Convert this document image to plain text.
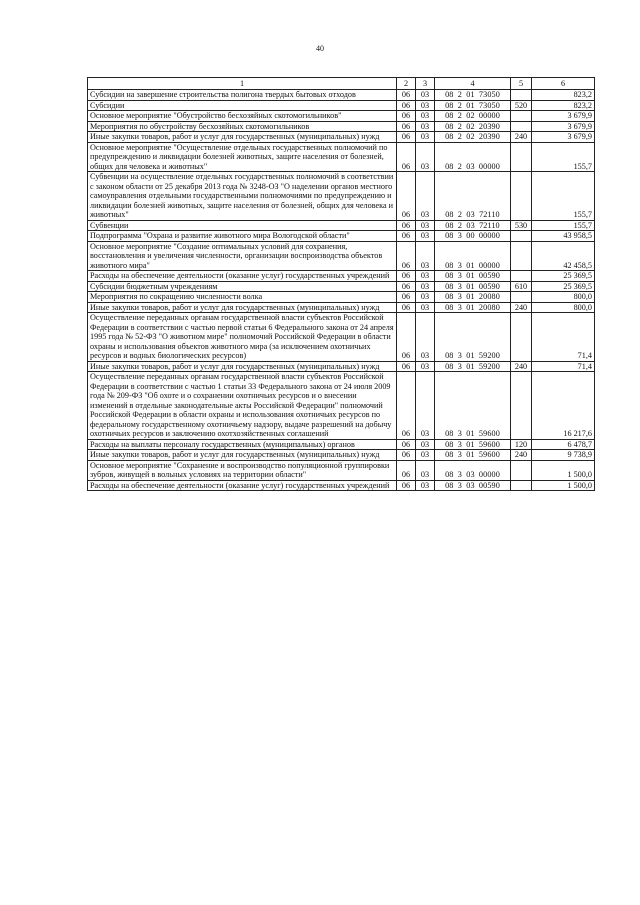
40
1	2	3	4	5	6
Субсидии на завершение строительства полигона твердых бытовых отходов	06	03	08  2  01  73050		823,2
Субсидии	06	03	08  2  01  73050	520	823,2
Основное мероприятие "Обустройство бесхозяйных скотомогильников"	06	03	08  2  02  00000		3 679,9
Мероприятия по обустройству бесхозяйных скотомогильников	06	03	08  2  02  20390		3 679,9
Иные закупки товаров, работ и услуг для государственных (муниципальных) нужд	06	03	08  2  02  20390	240	3 679,9
Основное мероприятие "Осуществление отдельных государственных полномочий по предупреждению и ликвидации болезней животных, защите населения от болезней, общих для человека и животных"	06	03	08  2  03  00000		155,7
Субвенции на осуществление отдельных государственных полномочий в соответствии с законом области от 25 декабря 2013 года № 3248-ОЗ "О наделении органов местного самоуправления отдельными государственными полномочиями по предупреждению и ликвидации болезней животных, защите населения от болезней, общих для человека и животных"	06	03	08  2  03  72110		155,7
Субвенции	06	03	08  2  03  72110	530	155,7
Подпрограмма "Охрана и развитие животного мира Вологодской области"	06	03	08  3  00  00000		43 958,5
Основное мероприятие "Создание оптимальных условий для сохранения, восстановления и увеличения численности, организации воспроизводства объектов животного мира"	06	03	08  3  01  00000		42 458,5
Расходы на обеспечение деятельности (оказание услуг) государственных учреждений	06	03	08  3  01  00590		25 369,5
Субсидии бюджетным учреждениям	06	03	08  3  01  00590	610	25 369,5
Мероприятия по сокращению численности волка	06	03	08  3  01  20080		800,0
Иные закупки товаров, работ и услуг для государственных (муниципальных) нужд	06	03	08  3  01  20080	240	800,0
Осуществление переданных органам государственной власти субъектов Российской Федерации в соответствии с частью первой статьи 6 Федерального закона от 24 апреля 1995 года № 52-ФЗ "О животном мире" полномочий Российской Федерации в области охраны и использования объектов животного мира (за исключением охотничьих ресурсов и водных биологических ресурсов)	06	03	08  3  01  59200		71,4
Иные закупки товаров, работ и услуг для государственных (муниципальных) нужд	06	03	08  3  01  59200	240	71,4
Осуществление переданных органам государственной власти субъектов Российской Федерации в соответствии с частью 1 статьи 33 Федерального закона от 24 июля 2009 года № 209-ФЗ "Об охоте и о сохранении охотничьих ресурсов и о внесении изменений в отдельные законодательные акты Российской Федерации" полномочий Российской Федерации в области охраны и использования охотничьих ресурсов по федеральному государственному охотничьему надзору, выдаче разрешений на добычу охотничьих ресурсов и заключению охотхозяйственных соглашений	06	03	08  3  01  59600		16 217,6
Расходы на выплаты персоналу государственных (муниципальных) органов	06	03	08  3  01  59600	120	6 478,7
Иные закупки товаров, работ и услуг для государственных (муниципальных) нужд	06	03	08  3  01  59600	240	9 738,9
Основное мероприятие "Сохранение и воспроизводство популяционной группировки зубров, живущей в вольных условиях на территории области"	06	03	08  3  03  00000		1 500,0
Расходы на обеспечение деятельности (оказание услуг) государственных учреждений	06	03	08  3  03  00590		1 500,0
